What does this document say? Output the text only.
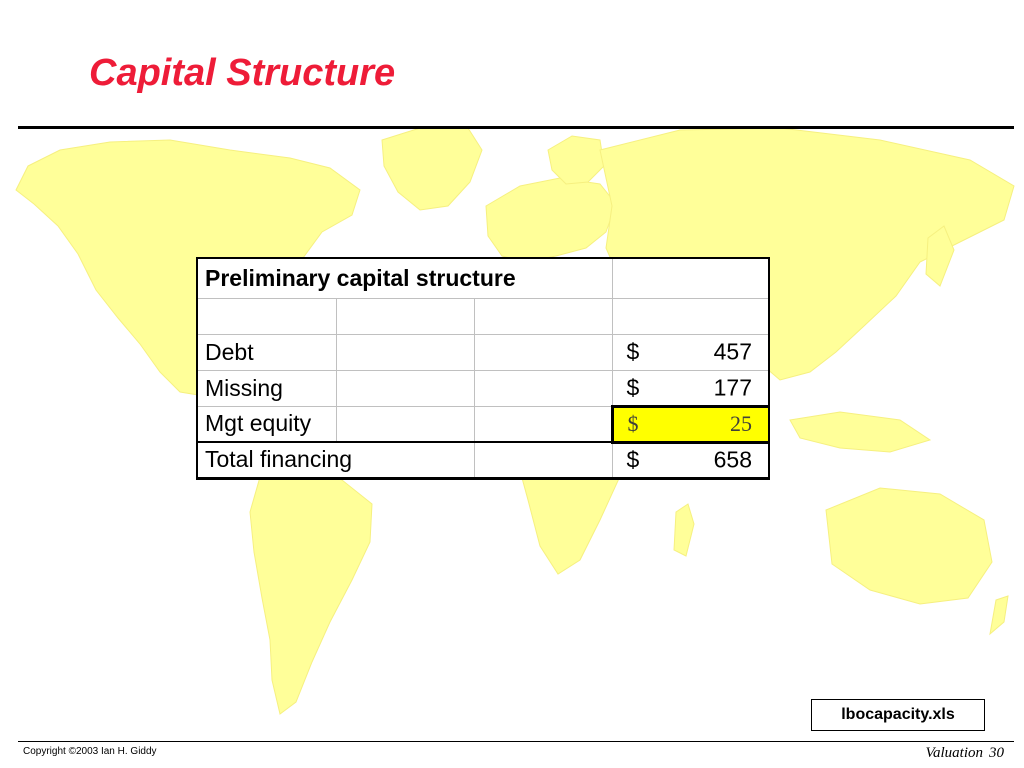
Capital Structure
Preliminary capital structure			

Debt			$ 457

Missing			$ 177

Mgt equity			$ 25

Total financing			$ 658
lbocapacity.xls
Copyright ©2003 Ian H. Giddy	Valuation 30
